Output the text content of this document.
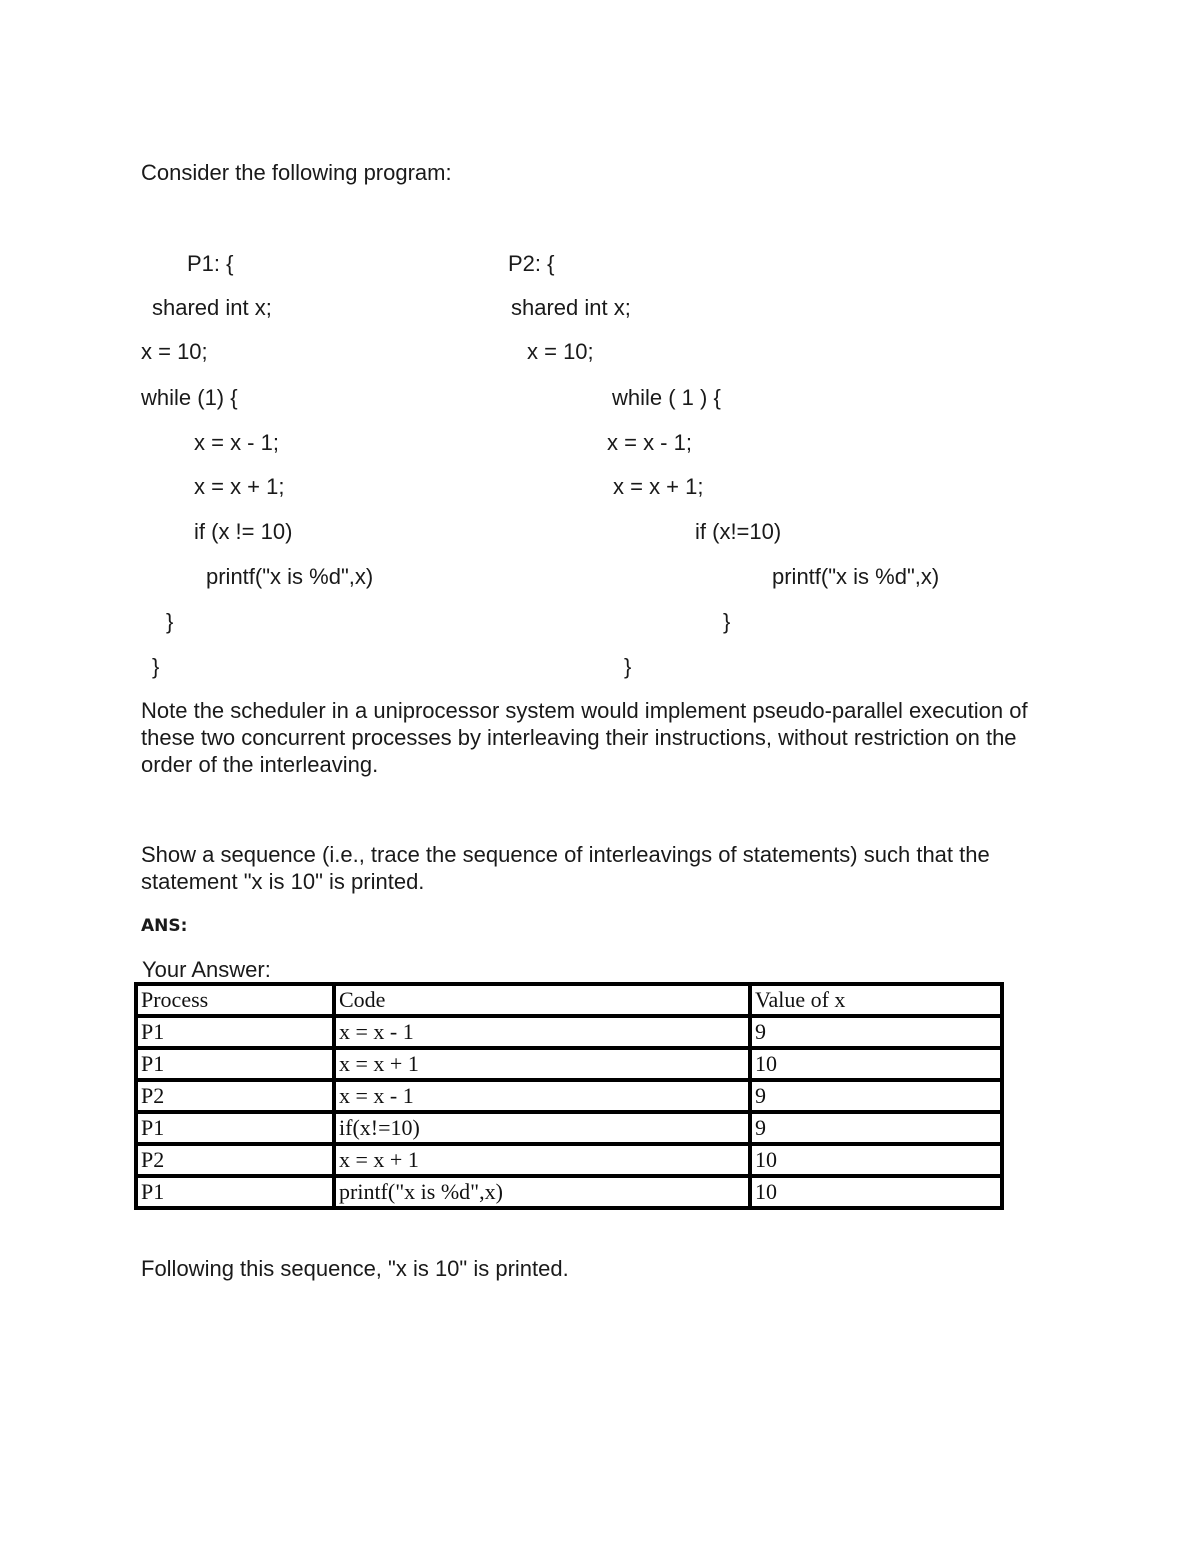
Consider the following program:
P1: {
shared int x;
x = 10;
while (1) {
x = x - 1;
x = x + 1;
if (x != 10)
printf("x is %d",x)
}
}
P2: {
shared int x;
x = 10;
while ( 1 ) {
x = x - 1;
x = x + 1;
if (x!=10)
printf("x is %d",x)
}
}
Note the scheduler in a uniprocessor system would implement pseudo-parallel execution of these two concurrent processes by interleaving their instructions, without restriction on the order of the interleaving.
Show a sequence (i.e., trace the sequence of interleavings of statements) such that the statement "x is 10" is printed.
ANS:
Your Answer:
Process	Code	Value of x
P1	x = x - 1	9
P1	x = x + 1	10
P2	x = x - 1	9
P1	if(x!=10)	9
P2	x = x + 1	10
P1	printf("x is %d",x)	10
Following this sequence, "x is 10" is printed.
